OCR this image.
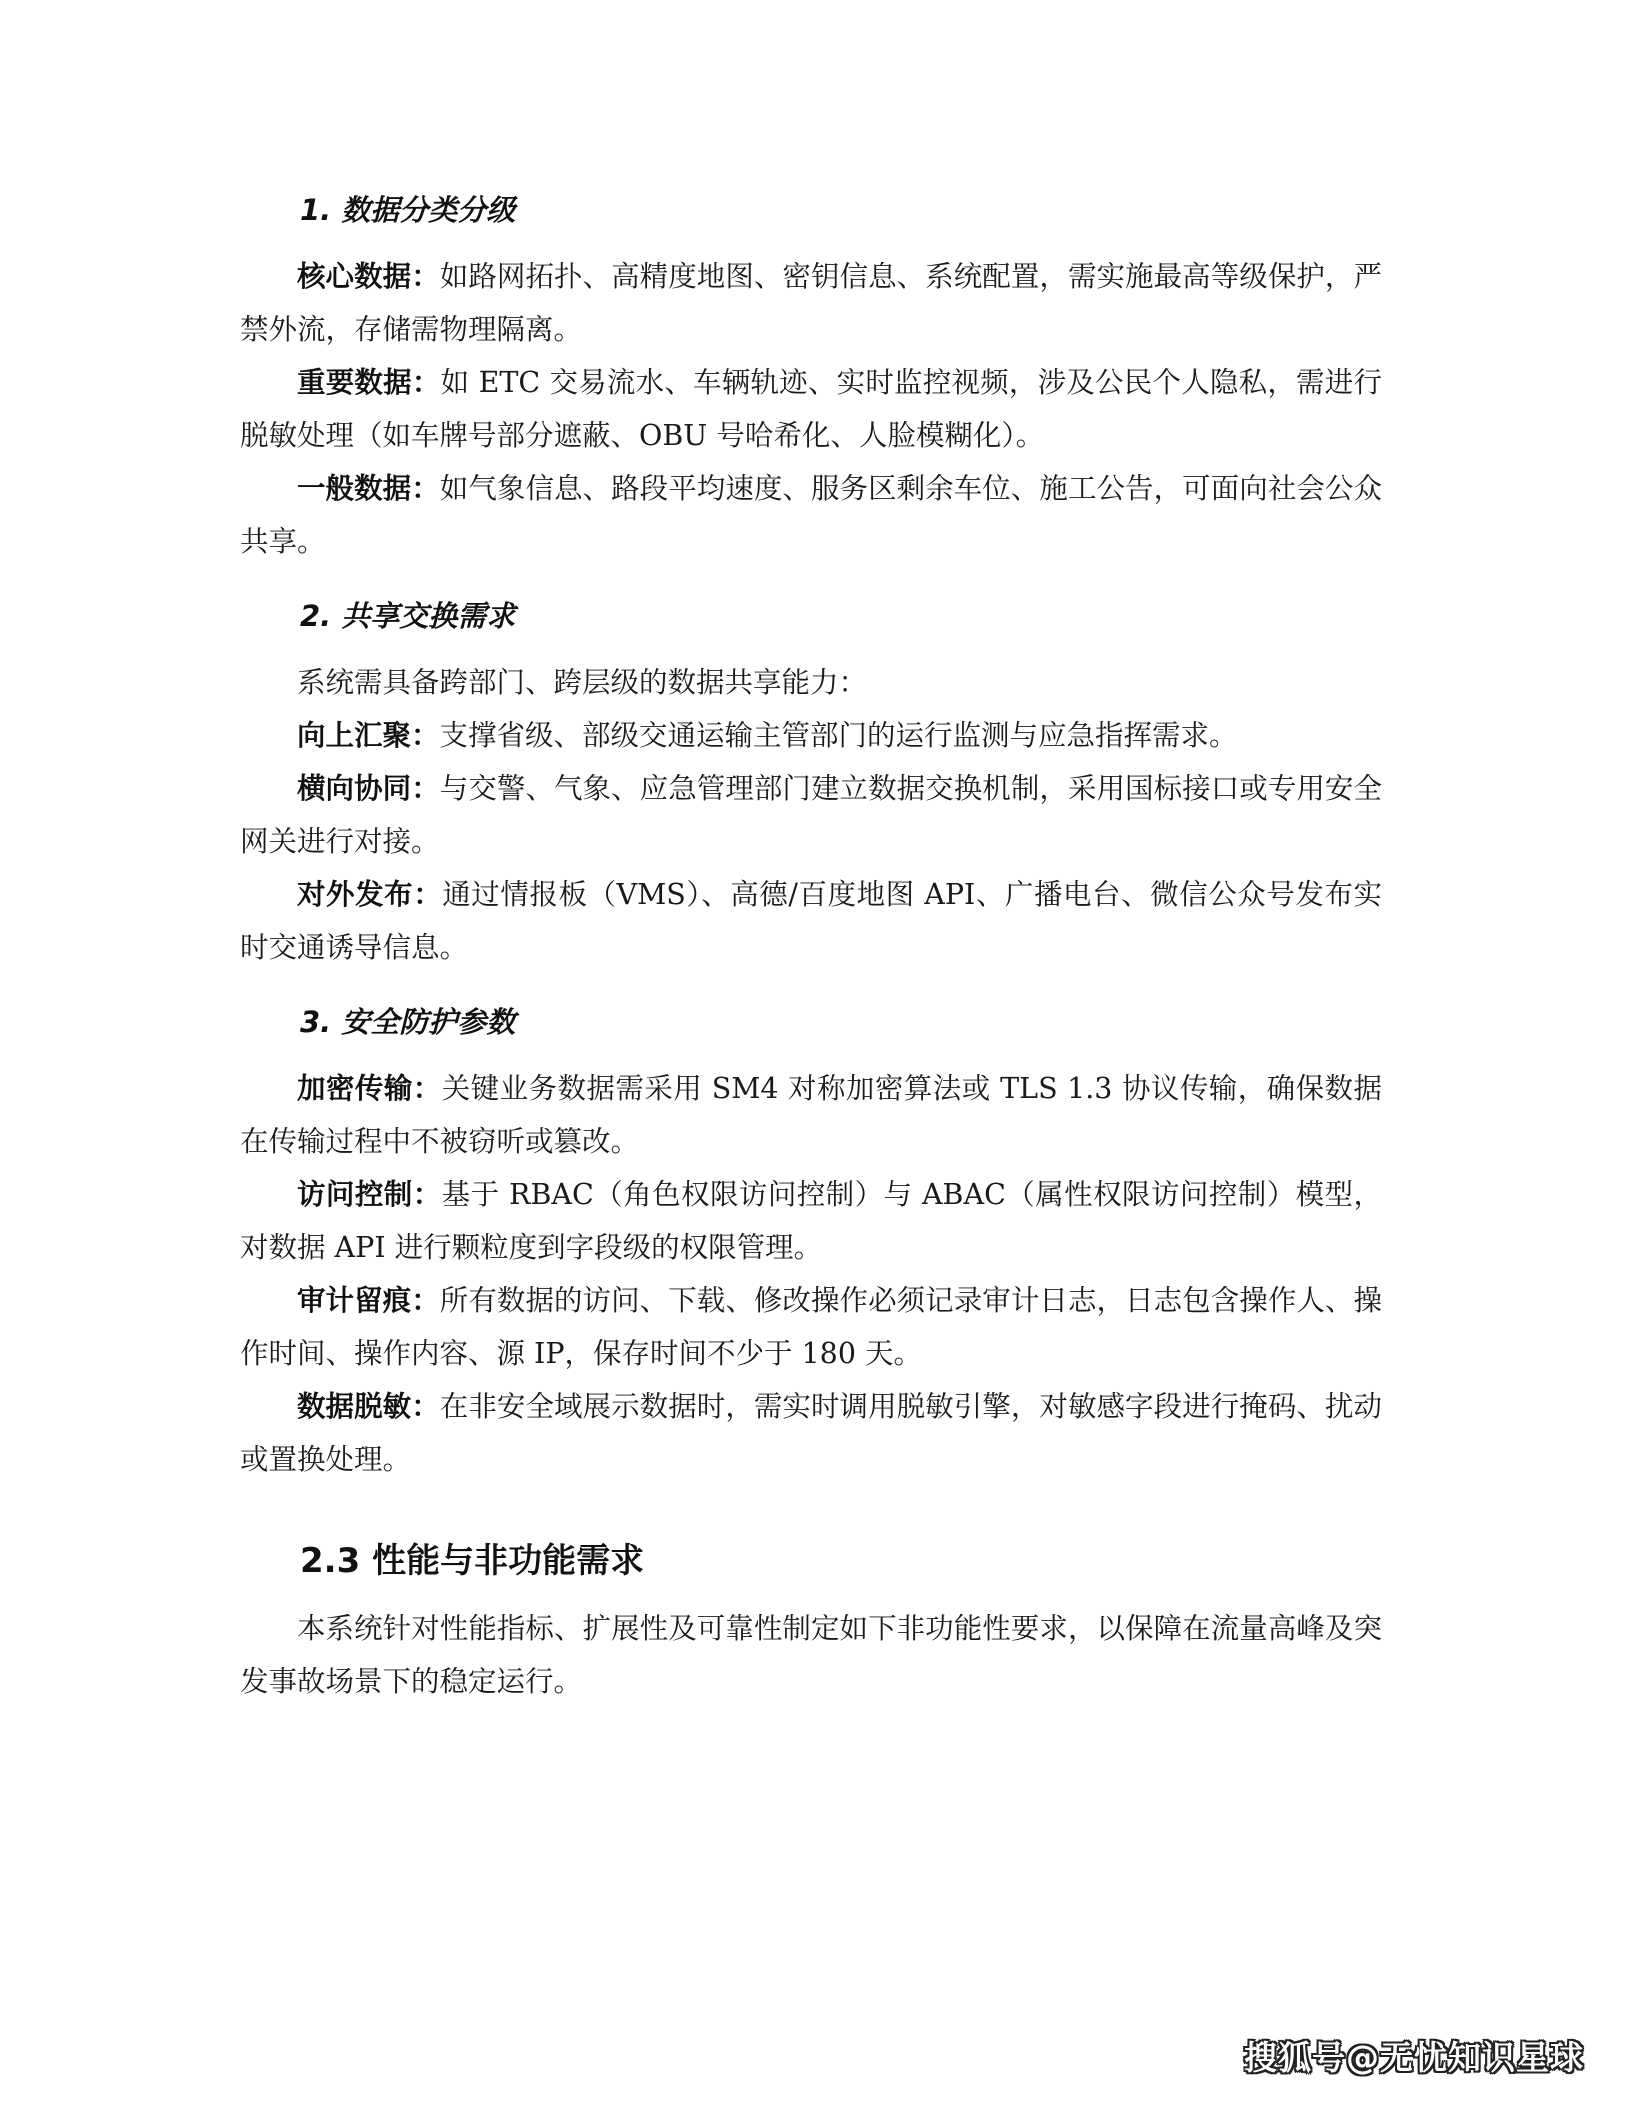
1. 数据分类分级

核心数据：如路网拓扑、高精度地图、密钥信息、系统配置，需实施最高等级保护，严禁外流，存储需物理隔离。

重要数据：如 ETC 交易流水、车辆轨迹、实时监控视频，涉及公民个人隐私，需进行脱敏处理（如车牌号部分遮蔽、OBU 号哈希化、人脸模糊化）。

一般数据：如气象信息、路段平均速度、服务区剩余车位、施工公告，可面向社会公众共享。

2. 共享交换需求

系统需具备跨部门、跨层级的数据共享能力：

向上汇聚：支撑省级、部级交通运输主管部门的运行监测与应急指挥需求。

横向协同：与交警、气象、应急管理部门建立数据交换机制，采用国标接口或专用安全网关进行对接。

对外发布：通过情报板（VMS）、高德/百度地图 API、广播电台、微信公众号发布实时交通诱导信息。

3. 安全防护参数

加密传输：关键业务数据需采用 SM4 对称加密算法或 TLS 1.3 协议传输，确保数据在传输过程中不被窃听或篡改。

访问控制：基于 RBAC（角色权限访问控制）与 ABAC（属性权限访问控制）模型，对数据 API 进行颗粒度到字段级的权限管理。

审计留痕：所有数据的访问、下载、修改操作必须记录审计日志，日志包含操作人、操作时间、操作内容、源 IP，保存时间不少于 180 天。

数据脱敏：在非安全域展示数据时，需实时调用脱敏引擎，对敏感字段进行掩码、扰动或置换处理。

2.3 性能与非功能需求

本系统针对性能指标、扩展性及可靠性制定如下非功能性要求，以保障在流量高峰及突发事故场景下的稳定运行。

搜狐号@无忧知识星球
